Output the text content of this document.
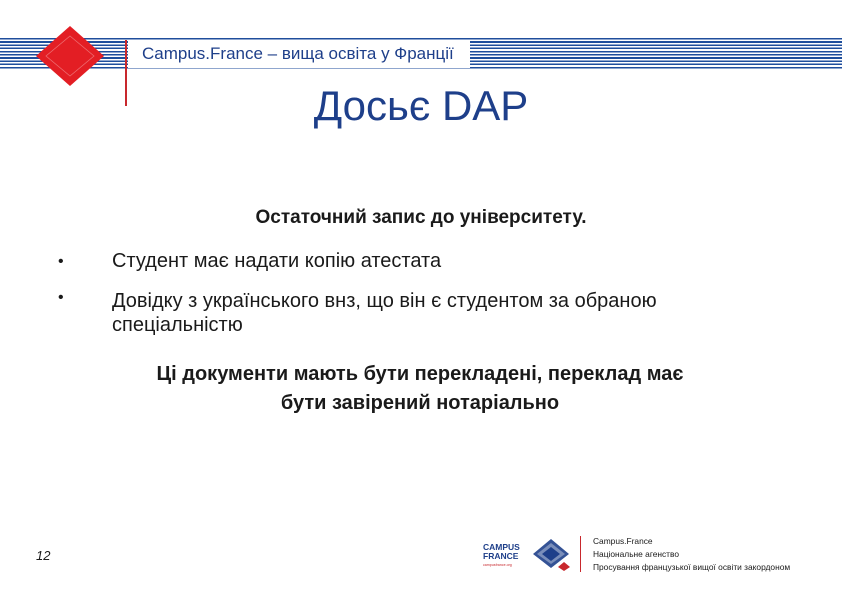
Campus.France – вища освіта у Франції
Досьє DAP
Остаточний запис до університету.
• Студент має надати копію атестата
• Довідку з українського внз, що він є студентом за обраною спеціальністю
Ці документи мають бути перекладені, переклад має
бути завірений нотаріально
12
CAMPUS
FRANCE
campusfrance.org
Campus.France
Національне агенство
Просування французької вищої освіти закордоном
